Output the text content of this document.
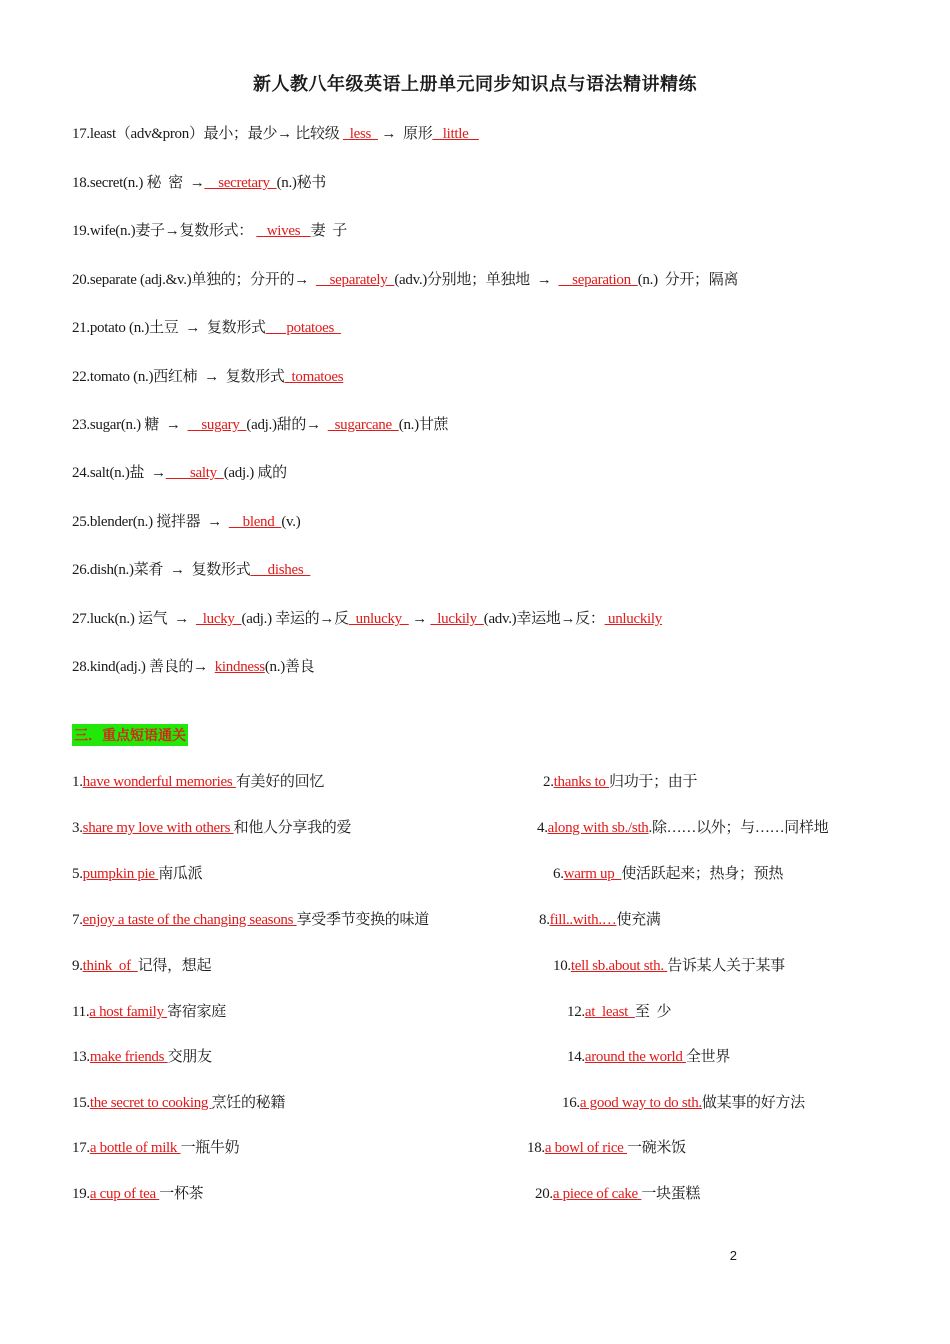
新人教八年级英语上册单元同步知识点与语法精讲精练
17.least（adv&pron）最小；最少→ 比较级   less   →  原形   little
18.secret(n.) 秘  密  →    secretary  (n.)秘书
19.wife(n.)妻子→复数形式：    wives   妻  子
20.separate (adj.&v.)单独的；分开的→      separately  (adv.)分别地；单独地  →      separation  (n.)  分开；隔离
21.potato (n.)土豆  →  复数形式      potatoes
22.tomato (n.)西红柿  →  复数形式  tomatoes
23.sugar(n.) 糖  →      sugary  (adj.)甜的→    sugarcane  (n.)甘蔗
24.salt(n.)盐  →       salty  (adj.) 咸的
25.blender(n.) 搅拌器  →      blend  (v.)
26.dish(n.)菜肴  →  复数形式     dishes
27.luck(n.) 运气  →    lucky  (adj.) 幸运的→反  unlucky   →   luckily  (adv.)幸运地→反： unluckily
28.kind(adj.) 善良的→  kindness(n.)善良
三．重点短语通关
1.have wonderful memories 有美好的回忆	2.thanks to 归功于；由于
3.share my love with others 和他人分享我的爱	4.along with sb./sth.除……以外；与……同样地
5.pumpkin pie 南瓜派	6.warm up  使活跃起来；热身；预热
7.enjoy a taste of the changing seasons 享受季节变换的味道	8.fill..with.…使充满
9.think  of  记得，想起	10.tell sb.about sth. 告诉某人关于某事
11.a host family 寄宿家庭	12.at  least  至  少
13.make friends 交朋友	14.around the world 全世界
15.the secret to cooking 烹饪的秘籍	16.a good way to do sth.做某事的好方法
17.a bottle of milk 一瓶牛奶	18.a bowl of rice 一碗米饭
19.a cup of tea 一杯茶	20.a piece of cake 一块蛋糕
2
